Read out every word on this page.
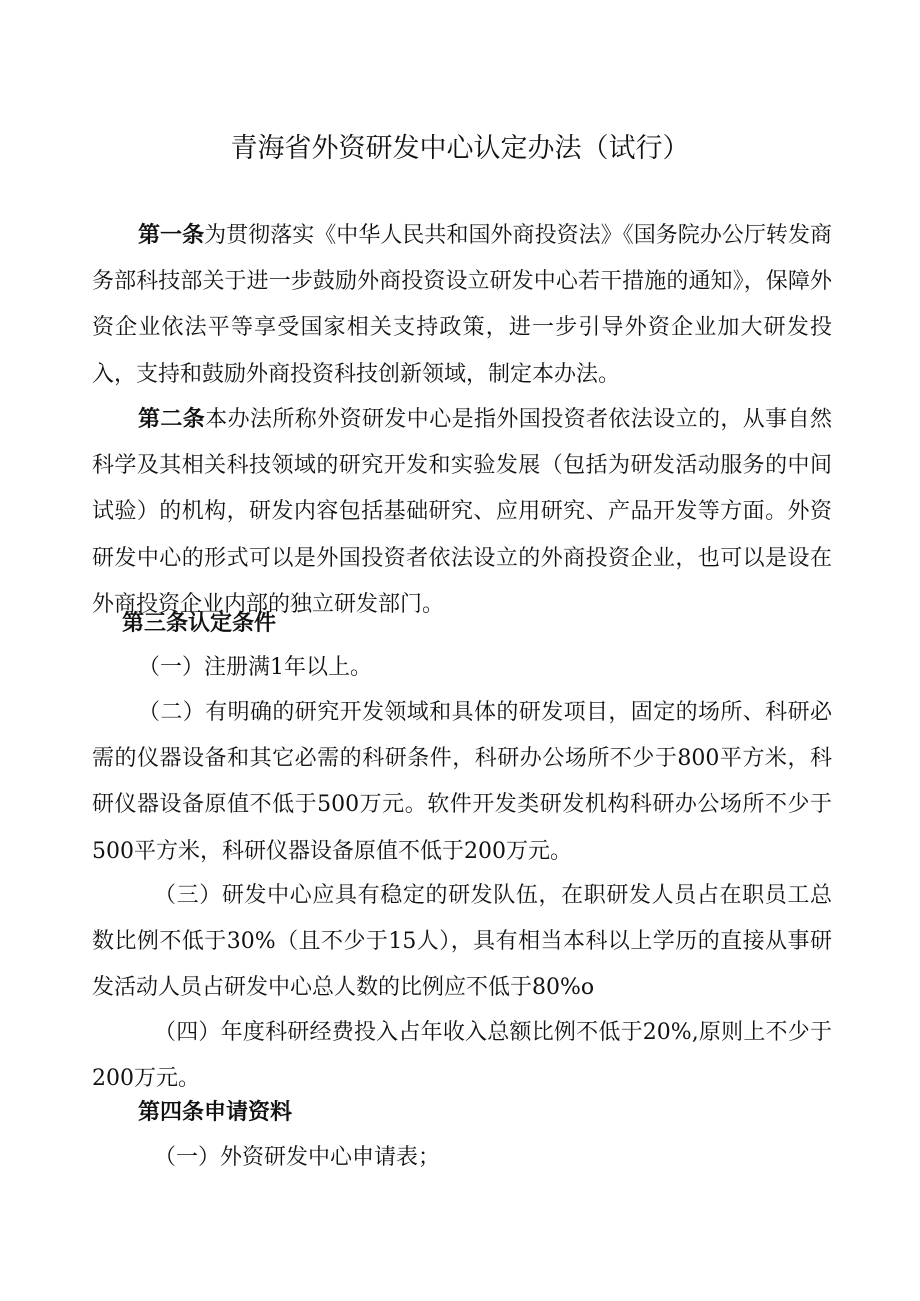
青海省外资研发中心认定办法（试行）

第一条为贯彻落实《中华人民共和国外商投资法》《国务院办公厅转发商务部科技部关于进一步鼓励外商投资设立研发中心若干措施的通知》，保障外资企业依法平等享受国家相关支持政策，进一步引导外资企业加大研发投入，支持和鼓励外商投资科技创新领域，制定本办法。

第二条本办法所称外资研发中心是指外国投资者依法设立的，从事自然科学及其相关科技领域的研究开发和实验发展（包括为研发活动服务的中间试验）的机构，研发内容包括基础研究、应用研究、产品开发等方面。外资研发中心的形式可以是外国投资者依法设立的外商投资企业，也可以是设在外商投资企业内部的独立研发部门。

第三条认定条件

（一）注册满1年以上。

（二）有明确的研究开发领域和具体的研发项目，固定的场所、科研必需的仪器设备和其它必需的科研条件，科研办公场所不少于800平方米，科研仪器设备原值不低于500万元。软件开发类研发机构科研办公场所不少于500平方米，科研仪器设备原值不低于200万元。

（三）研发中心应具有稳定的研发队伍，在职研发人员占在职员工总数比例不低于30%（且不少于15人），具有相当本科以上学历的直接从事研发活动人员占研发中心总人数的比例应不低于80%o

（四）年度科研经费投入占年收入总额比例不低于20%,原则上不少于200万元。

第四条申请资料

（一）外资研发中心申请表；
